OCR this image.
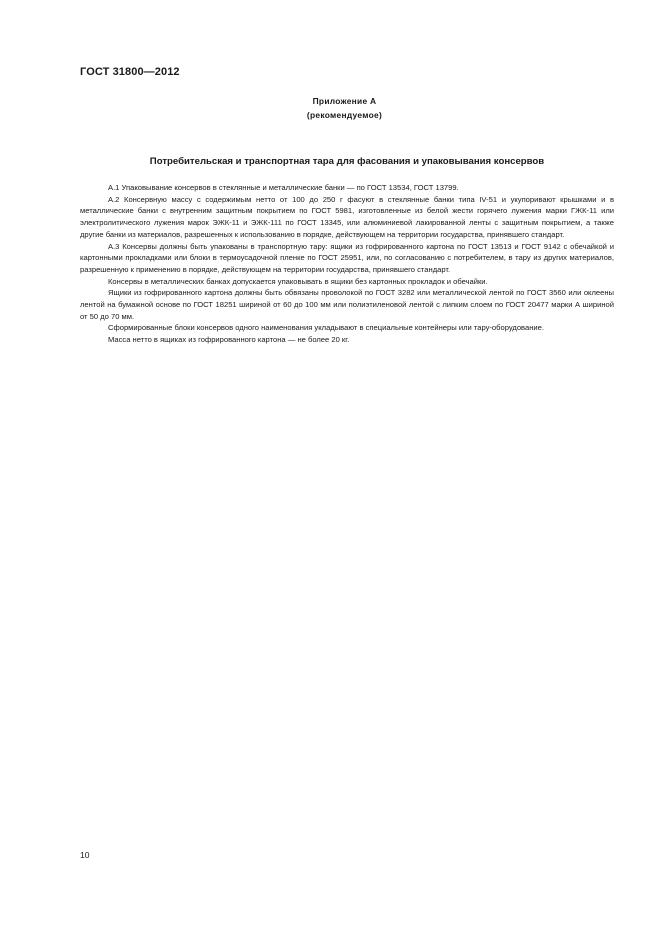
ГОСТ 31800—2012
Приложение А
(рекомендуемое)
Потребительская и транспортная тара для фасования и упаковывания консервов

А.1 Упаковывание консервов в стеклянные и металлические банки — по ГОСТ 13534, ГОСТ 13799.

А.2 Консервную массу с содержимым нетто от 100 до 250 г фасуют в стеклянные банки типа IV-51 и укупоривают крышками и в металлические банки с внутренним защитным покрытием по ГОСТ 5981, изготовленные из белой жести горячего лужения марки ГЖК-11 или электролитического лужения марок ЭЖК-11 и ЭЖК-111 по ГОСТ 13345, или алюминиевой лакированной ленты с защитным покрытием, а также другие банки из материалов, разрешенных к использованию в порядке, действующем на территории государства, принявшего стандарт.

А.3 Консервы должны быть упакованы в транспортную тару: ящики из гофрированного картона по ГОСТ 13513 и ГОСТ 9142 с обечайкой и картонными прокладками или блоки в термоусадочной пленке по ГОСТ 25951, или, по согласованию с потребителем, в тару из других материалов, разрешенную к применению в порядке, действующем на территории государства, принявшего стандарт.

Консервы в металлических банках допускается упаковывать в ящики без картонных прокладок и обечайки.

Ящики из гофрированного картона должны быть обвязаны проволокой по ГОСТ 3282 или металлической лентой по ГОСТ 3560 или оклеены лентой на бумажной основе по ГОСТ 18251 шириной от 60 до 100 мм или полиэтиленовой лентой с липким слоем по ГОСТ 20477 марки А шириной от 50 до 70 мм.

Сформированные блоки консервов одного наименования укладывают в специальные контейнеры или тару-оборудование.

Масса нетто в ящиках из гофрированного картона — не более 20 кг.

10
